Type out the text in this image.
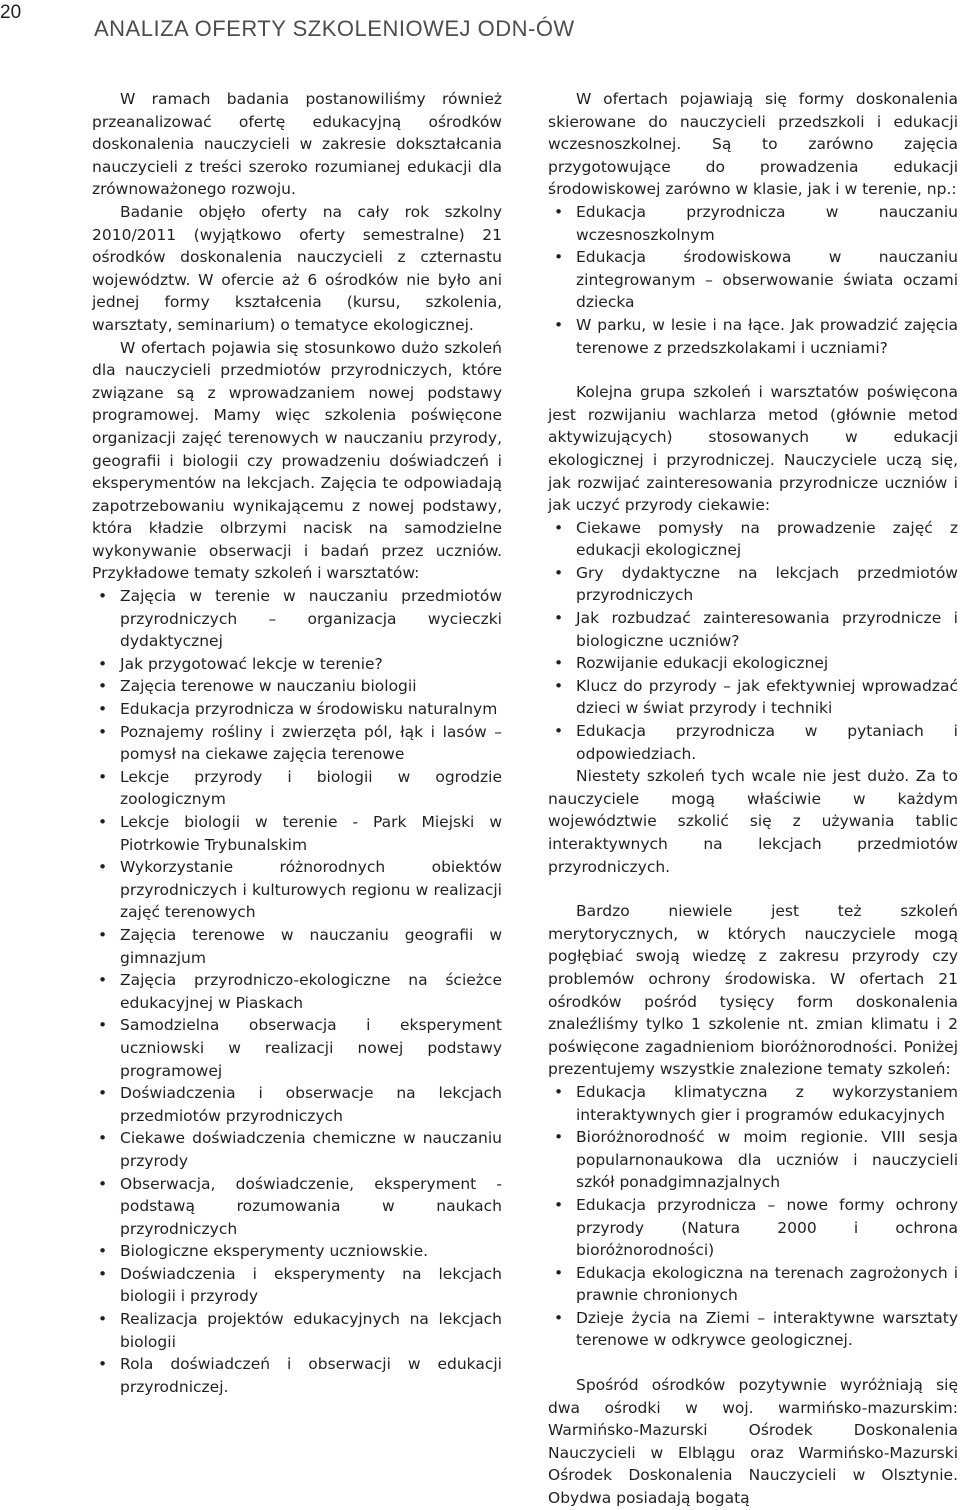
20
ANALIZA OFERTY SZKOLENIOWEJ ODN-ÓW

W ramach badania postanowiliśmy również przeanalizować ofertę edukacyjną ośrodków doskonalenia nauczycieli w zakresie dokształcania nauczycieli z treści szeroko rozumianej edukacji dla zrównoważonego rozwoju.

Badanie objęło oferty na cały rok szkolny 2010/2011 (wyjątkowo oferty semestralne) 21 ośrodków doskonalenia nauczycieli z czternastu województw. W ofercie aż 6 ośrodków nie było ani jednej formy kształcenia (kursu, szkolenia, warsztaty, seminarium) o tematyce ekologicznej.

W ofertach pojawia się stosunkowo dużo szkoleń dla nauczycieli przedmiotów przyrodniczych, które związane są z wprowadzaniem nowej podstawy programowej. Mamy więc szkolenia poświęcone organizacji zajęć terenowych w nauczaniu przyrody, geografii i biologii czy prowadzeniu doświadczeń i eksperymentów na lekcjach. Zajęcia te odpowiadają zapotrzebowaniu wynikającemu z nowej podstawy, która kładzie olbrzymi nacisk na samodzielne wykonywanie obserwacji i badań przez uczniów. Przykładowe tematy szkoleń i warsztatów:

• Zajęcia w terenie w nauczaniu przedmiotów przyrodniczych – organizacja wycieczki dydaktycznej
• Jak przygotować lekcje w terenie?
• Zajęcia terenowe w nauczaniu biologii
• Edukacja przyrodnicza w środowisku naturalnym
• Poznajemy rośliny i zwierzęta pól, łąk i lasów – pomysł na ciekawe zajęcia terenowe
• Lekcje przyrody i biologii w ogrodzie zoologicznym
• Lekcje biologii w terenie - Park Miejski w Piotrkowie Trybunalskim
• Wykorzystanie różnorodnych obiektów przyrodniczych i kulturowych regionu w realizacji zajęć terenowych
• Zajęcia terenowe w nauczaniu geografii w gimnazjum
• Zajęcia przyrodniczo-ekologiczne na ścieżce edukacyjnej w Piaskach
• Samodzielna obserwacja i eksperyment uczniowski w realizacji nowej podstawy programowej
• Doświadczenia i obserwacje na lekcjach przedmiotów przyrodniczych
• Ciekawe doświadczenia chemiczne w nauczaniu przyrody
• Obserwacja, doświadczenie, eksperyment - podstawą rozumowania w naukach przyrodniczych
• Biologiczne eksperymenty uczniowskie.
• Doświadczenia i eksperymenty na lekcjach biologii i przyrody
• Realizacja projektów edukacyjnych na lekcjach biologii
• Rola doświadczeń i obserwacji w edukacji przyrodniczej.

W ofertach pojawiają się formy doskonalenia skierowane do nauczycieli przedszkoli i edukacji wczesnoszkolnej. Są to zarówno zajęcia przygotowujące do prowadzenia edukacji środowiskowej zarówno w klasie, jak i w terenie, np.:

• Edukacja przyrodnicza w nauczaniu wczesnoszkolnym
• Edukacja środowiskowa w nauczaniu zintegrowanym – obserwowanie świata oczami dziecka
• W parku, w lesie i na łące. Jak prowadzić zajęcia terenowe z przedszkolakami i uczniami?

Kolejna grupa szkoleń i warsztatów poświęcona jest rozwijaniu wachlarza metod (głównie metod aktywizujących) stosowanych w edukacji ekologicznej i przyrodniczej. Nauczyciele uczą się, jak rozwijać zainteresowania przyrodnicze uczniów i jak uczyć przyrody ciekawie:

• Ciekawe pomysły na prowadzenie zajęć z edukacji ekologicznej
• Gry dydaktyczne na lekcjach przedmiotów przyrodniczych
• Jak rozbudzać zainteresowania przyrodnicze i biologiczne uczniów?
• Rozwijanie edukacji ekologicznej
• Klucz do przyrody – jak efektywniej wprowadzać dzieci w świat przyrody i techniki
• Edukacja przyrodnicza w pytaniach i odpowiedziach.

Niestety szkoleń tych wcale nie jest dużo. Za to nauczyciele mogą właściwie w każdym województwie szkolić się z używania tablic interaktywnych na lekcjach przedmiotów przyrodniczych.

Bardzo niewiele jest też szkoleń merytorycznych, w których nauczyciele mogą pogłębiać swoją wiedzę z zakresu przyrody czy problemów ochrony środowiska. W ofertach 21 ośrodków pośród tysięcy form doskonalenia znaleźliśmy tylko 1 szkolenie nt. zmian klimatu i 2 poświęcone zagadnieniom bioróżnorodności. Poniżej prezentujemy wszystkie znalezione tematy szkoleń:

• Edukacja klimatyczna z wykorzystaniem interaktywnych gier i programów edukacyjnych
• Bioróżnorodność w moim regionie. VIII sesja popularnonaukowa dla uczniów i nauczycieli szkół ponadgimnazjalnych
• Edukacja przyrodnicza – nowe formy ochrony przyrody (Natura 2000 i ochrona bioróżnorodności)
• Edukacja ekologiczna na terenach zagrożonych i prawnie chronionych
• Dzieje życia na Ziemi – interaktywne warsztaty terenowe w odkrywce geologicznej.

Spośród ośrodków pozytywnie wyróżniają się dwa ośrodki w woj. warmińsko-mazurskim: Warmińsko-Mazurski Ośrodek Doskonalenia Nauczycieli w Elblągu oraz Warmińsko-Mazurski Ośrodek Doskonalenia Nauczycieli w Olsztynie. Obydwa posiadają bogatą
